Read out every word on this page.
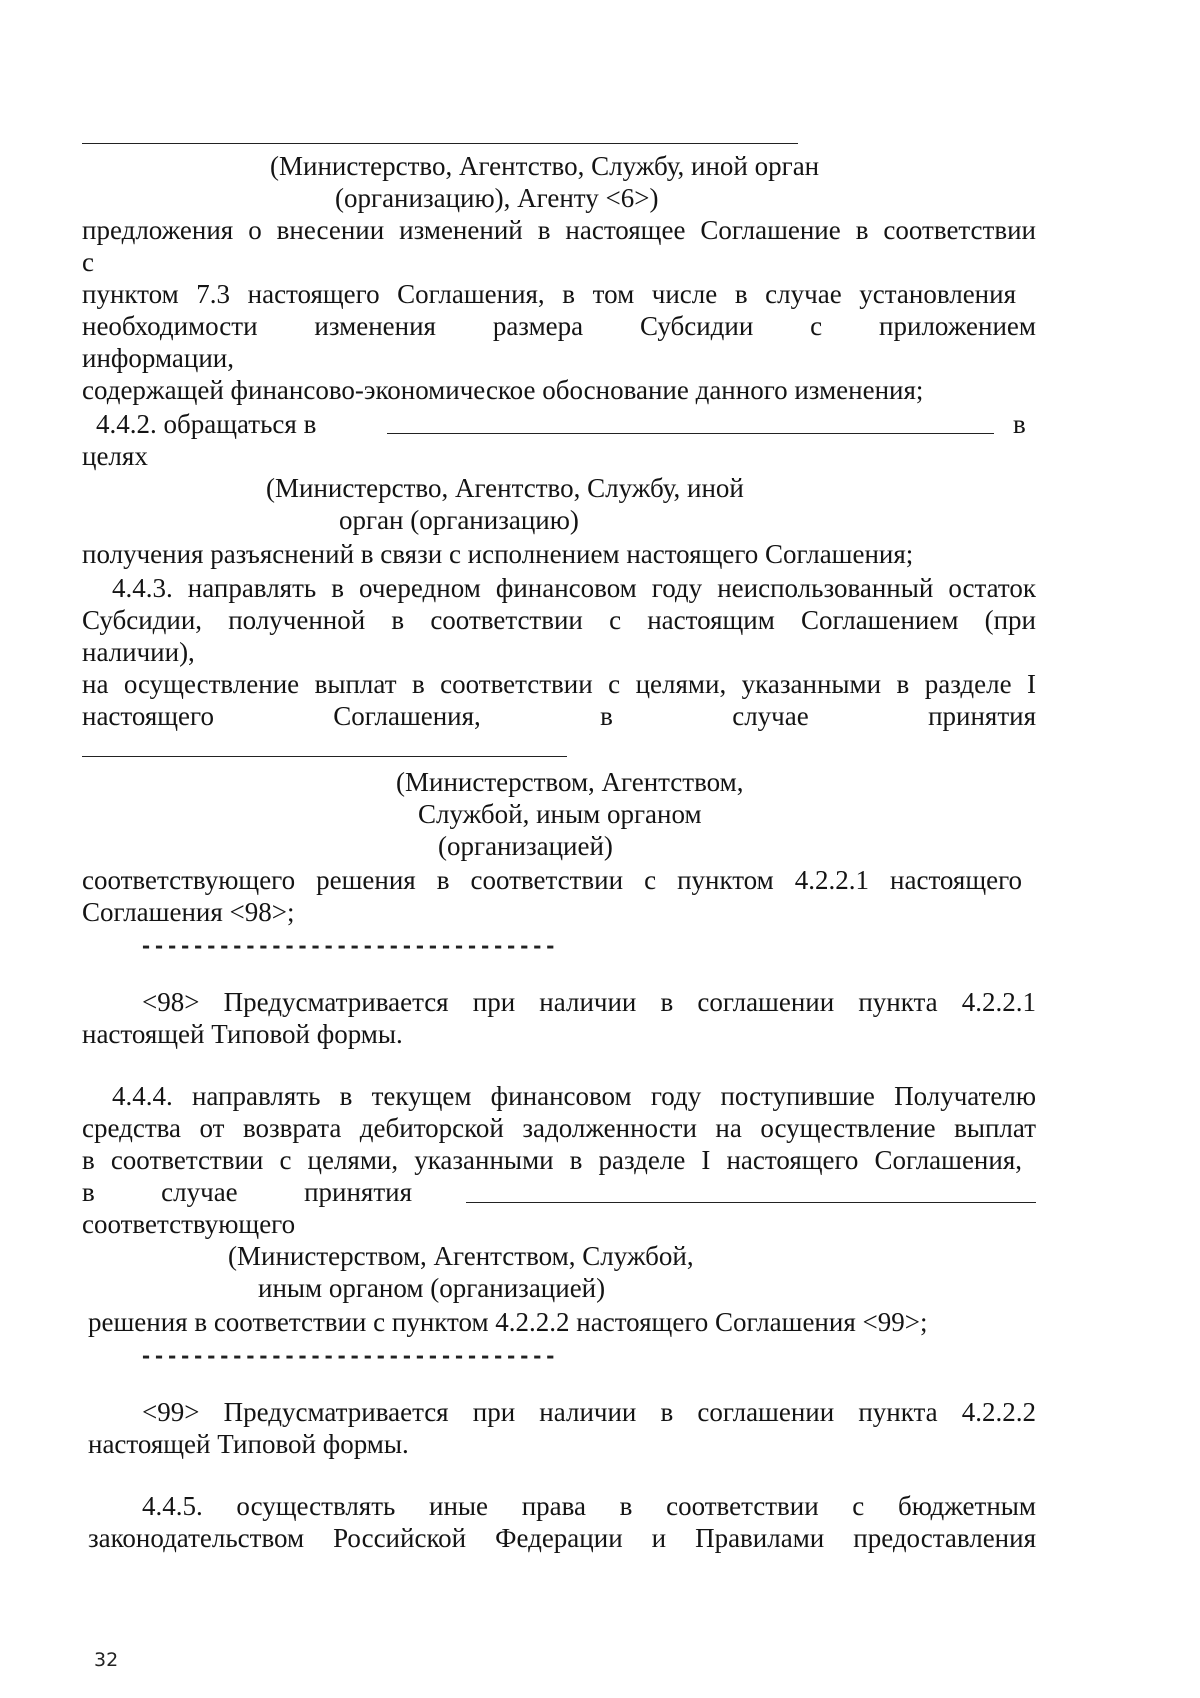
(Министерство, Агентство, Службу, иной орган
(организацию), Агенту <6>)
предложения о внесении изменений в настоящее Соглашение в соответствии
с
пунктом 7.3 настоящего Соглашения, в том числе в случае установления
необходимости изменения размера Субсидии с приложением
информации,
содержащей финансово-экономическое обоснование данного изменения;
4.4.2. обращаться в	в
целях
(Министерство, Агентство, Службу, иной
орган (организацию)
получения разъяснений в связи с исполнением настоящего Соглашения;
4.4.3. направлять в очередном финансовом году неиспользованный остаток
Субсидии, полученной в соответствии с настоящим Соглашением (при
наличии),
на осуществление выплат в соответствии с целями, указанными в разделе I
настоящего Соглашения, в случае принятия
(Министерством, Агентством,
Службой, иным органом
(организацией)
соответствующего решения в соответствии с пунктом 4.2.2.1 настоящего
Соглашения <98>;
--------------------------------
<98> Предусматривается при наличии в соглашении пункта 4.2.2.1
настоящей Типовой формы.
4.4.4. направлять в текущем финансовом году поступившие Получателю
средства от возврата дебиторской задолженности на осуществление выплат
в соответствии с целями, указанными в разделе I настоящего Соглашения,
в случае принятия
соответствующего
(Министерством, Агентством, Службой,
иным органом (организацией)
решения в соответствии с пунктом 4.2.2.2 настоящего Соглашения <99>;
--------------------------------
<99> Предусматривается при наличии в соглашении пункта 4.2.2.2
настоящей Типовой формы.
4.4.5. осуществлять иные права в соответствии с бюджетным
законодательством Российской Федерации и Правилами предоставления
32
